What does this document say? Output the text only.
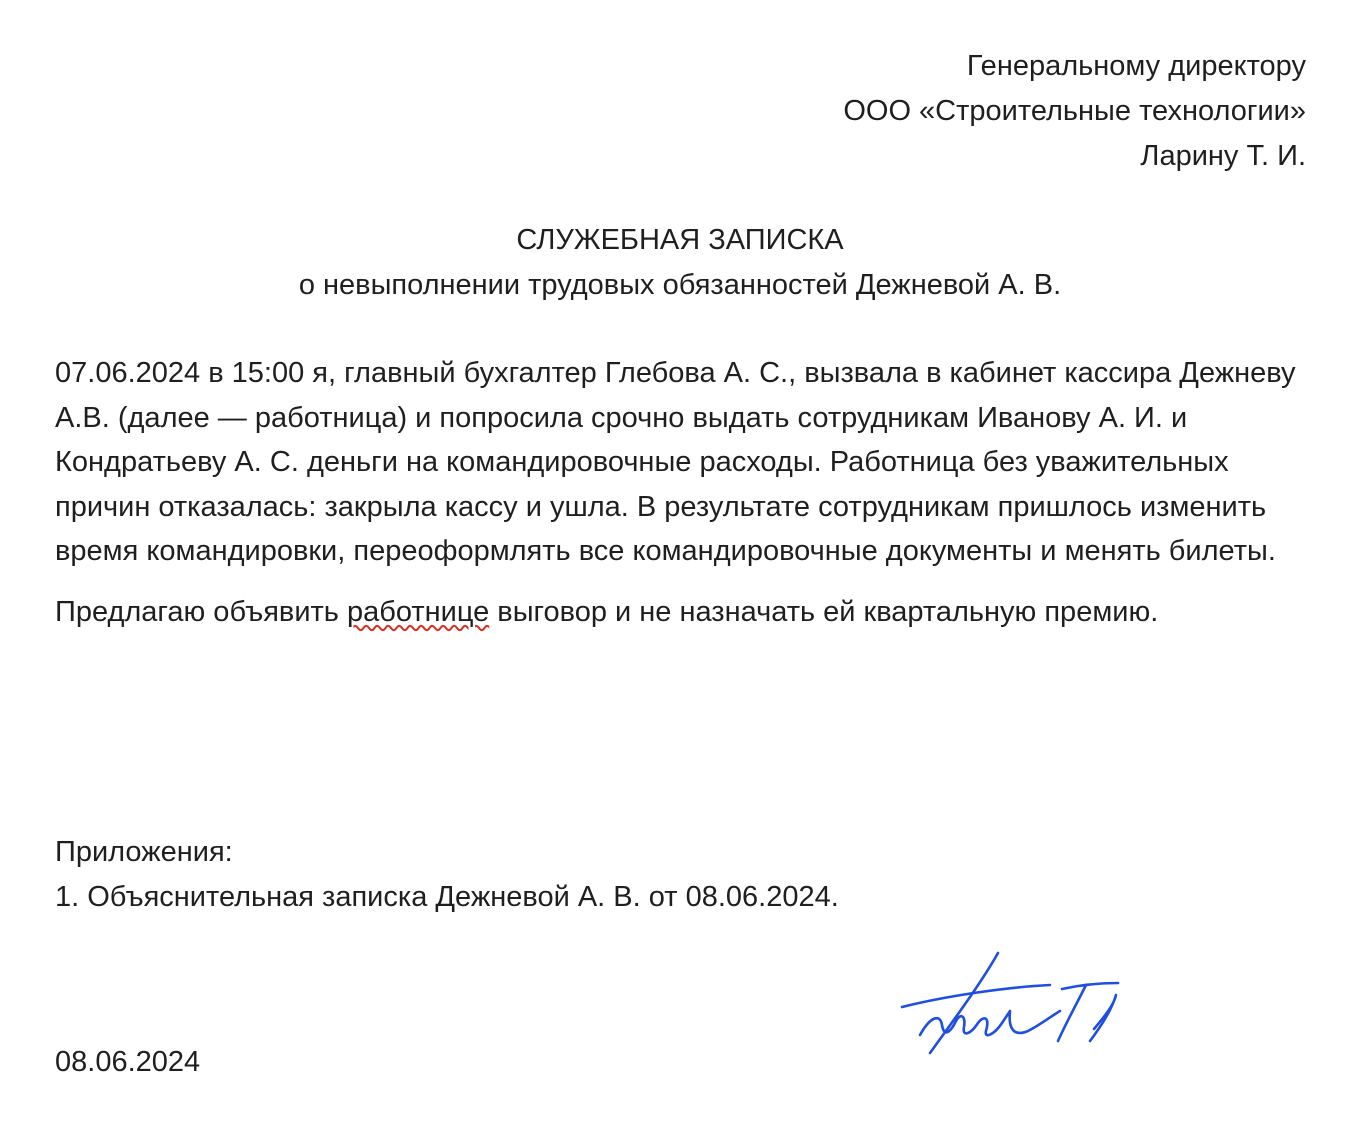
Генеральному директору
ООО «Строительные технологии»
Ларину Т. И.
СЛУЖЕБНАЯ ЗАПИСКА
о невыполнении трудовых обязанностей Дежневой А. В.

07.06.2024 в 15:00 я, главный бухгалтер Глебова А. С., вызвала в кабинет кассира Дежневу А.В. (далее — работница) и попросила срочно выдать сотрудникам Иванову А. И. и Кондратьеву А. С. деньги на командировочные расходы. Работница без уважительных причин отказалась: закрыла кассу и ушла. В результате сотрудникам пришлось изменить время командировки, переоформлять все командировочные документы и менять билеты.

Предлагаю объявить работнице выговор и не назначать ей квартальную премию.

Приложения:
1. Объяснительная записка Дежневой А. В. от 08.06.2024.
08.06.2024
